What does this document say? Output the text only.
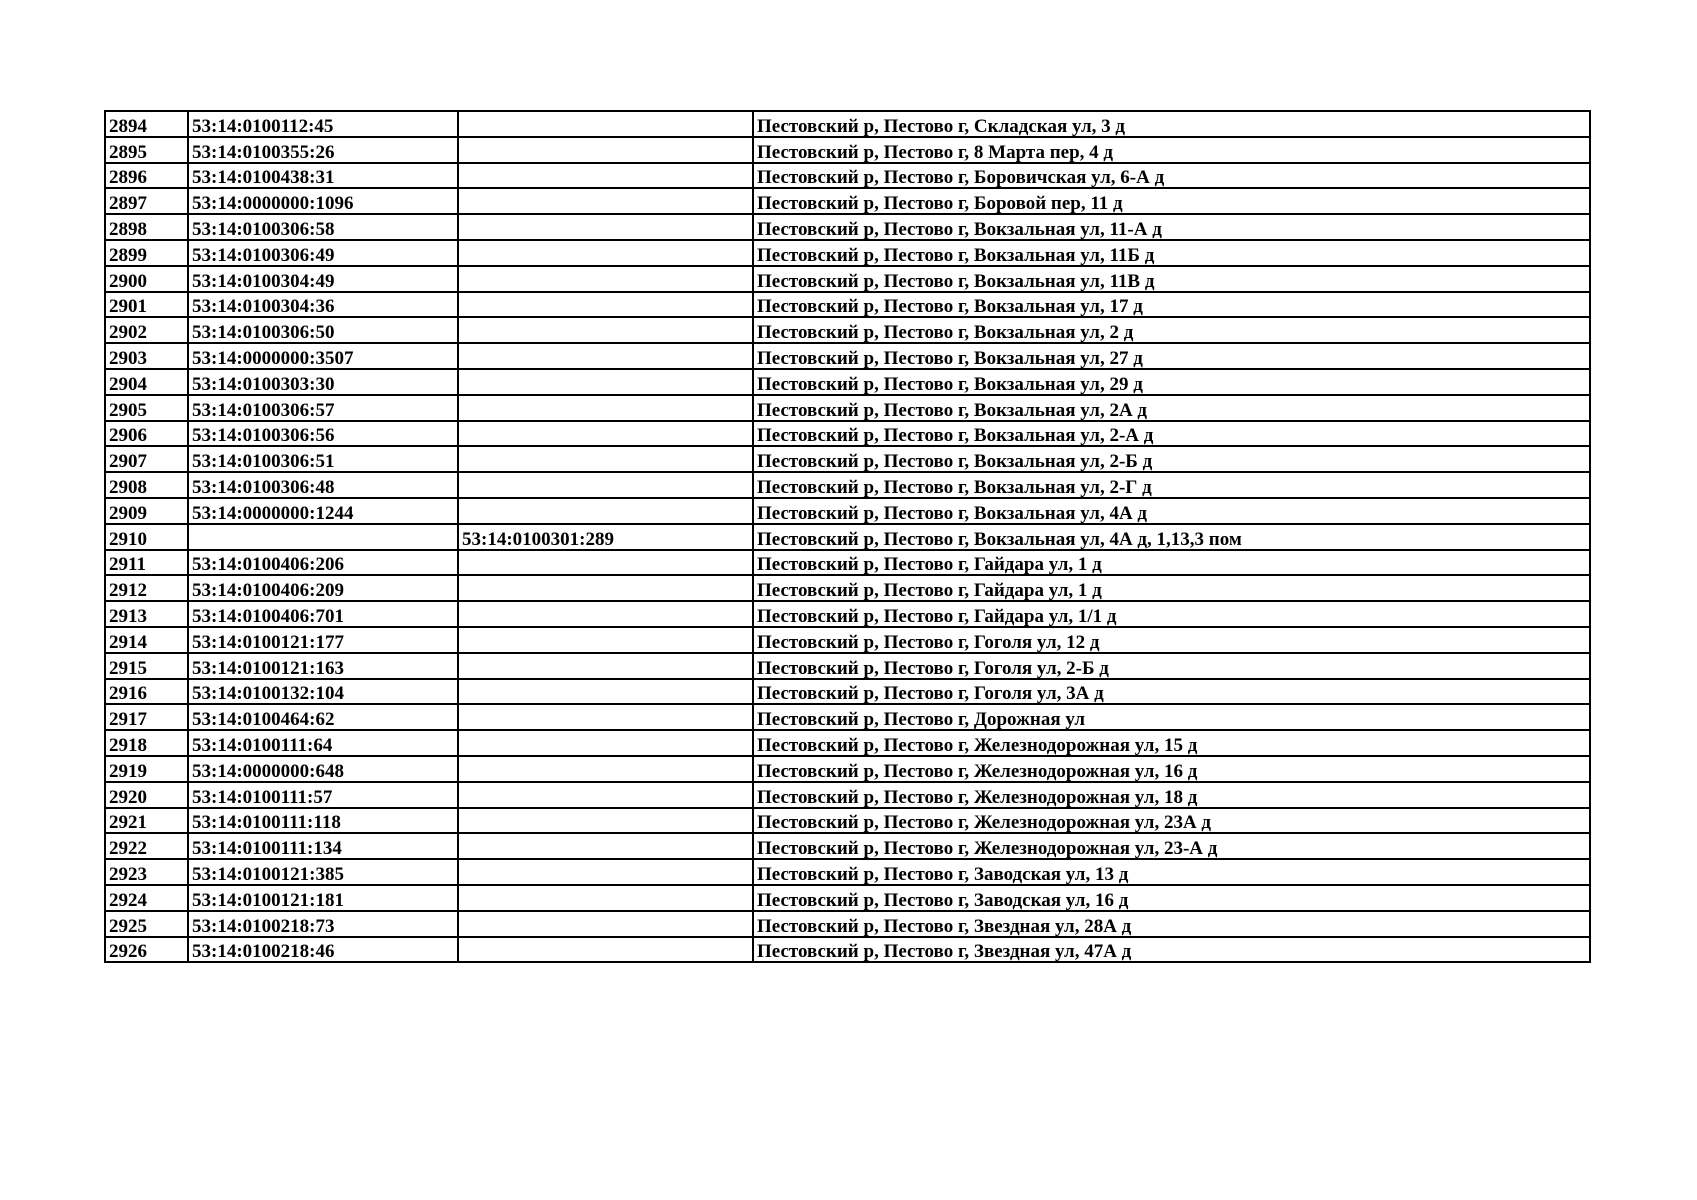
2894	53:14:0100112:45		Пестовский р, Пестово г, Складская ул, 3 д
2895	53:14:0100355:26		Пестовский р, Пестово г, 8 Марта пер, 4 д
2896	53:14:0100438:31		Пестовский р, Пестово г, Боровичская ул, 6-А д
2897	53:14:0000000:1096		Пестовский р, Пестово г, Боровой пер, 11 д
2898	53:14:0100306:58		Пестовский р, Пестово г, Вокзальная ул, 11-А д
2899	53:14:0100306:49		Пестовский р, Пестово г, Вокзальная ул, 11Б д
2900	53:14:0100304:49		Пестовский р, Пестово г, Вокзальная ул, 11В д
2901	53:14:0100304:36		Пестовский р, Пестово г, Вокзальная ул, 17 д
2902	53:14:0100306:50		Пестовский р, Пестово г, Вокзальная ул, 2 д
2903	53:14:0000000:3507		Пестовский р, Пестово г, Вокзальная ул, 27 д
2904	53:14:0100303:30		Пестовский р, Пестово г, Вокзальная ул, 29 д
2905	53:14:0100306:57		Пестовский р, Пестово г, Вокзальная ул, 2А д
2906	53:14:0100306:56		Пестовский р, Пестово г, Вокзальная ул, 2-А д
2907	53:14:0100306:51		Пестовский р, Пестово г, Вокзальная ул, 2-Б д
2908	53:14:0100306:48		Пестовский р, Пестово г, Вокзальная ул, 2-Г д
2909	53:14:0000000:1244		Пестовский р, Пестово г, Вокзальная ул, 4А д
2910		53:14:0100301:289	Пестовский р, Пестово г, Вокзальная ул, 4А д, 1,13,3 пом
2911	53:14:0100406:206		Пестовский р, Пестово г, Гайдара ул, 1 д
2912	53:14:0100406:209		Пестовский р, Пестово г, Гайдара ул, 1 д
2913	53:14:0100406:701		Пестовский р, Пестово г, Гайдара ул, 1/1 д
2914	53:14:0100121:177		Пестовский р, Пестово г, Гоголя ул, 12 д
2915	53:14:0100121:163		Пестовский р, Пестово г, Гоголя ул, 2-Б д
2916	53:14:0100132:104		Пестовский р, Пестово г, Гоголя ул, 3А д
2917	53:14:0100464:62		Пестовский р, Пестово г, Дорожная ул
2918	53:14:0100111:64		Пестовский р, Пестово г, Железнодорожная ул, 15 д
2919	53:14:0000000:648		Пестовский р, Пестово г, Железнодорожная ул, 16 д
2920	53:14:0100111:57		Пестовский р, Пестово г, Железнодорожная ул, 18 д
2921	53:14:0100111:118		Пестовский р, Пестово г, Железнодорожная ул, 23А д
2922	53:14:0100111:134		Пестовский р, Пестово г, Железнодорожная ул, 23-А д
2923	53:14:0100121:385		Пестовский р, Пестово г, Заводская ул, 13 д
2924	53:14:0100121:181		Пестовский р, Пестово г, Заводская ул, 16 д
2925	53:14:0100218:73		Пестовский р, Пестово г, Звездная ул, 28А д
2926	53:14:0100218:46		Пестовский р, Пестово г, Звездная ул, 47А д
